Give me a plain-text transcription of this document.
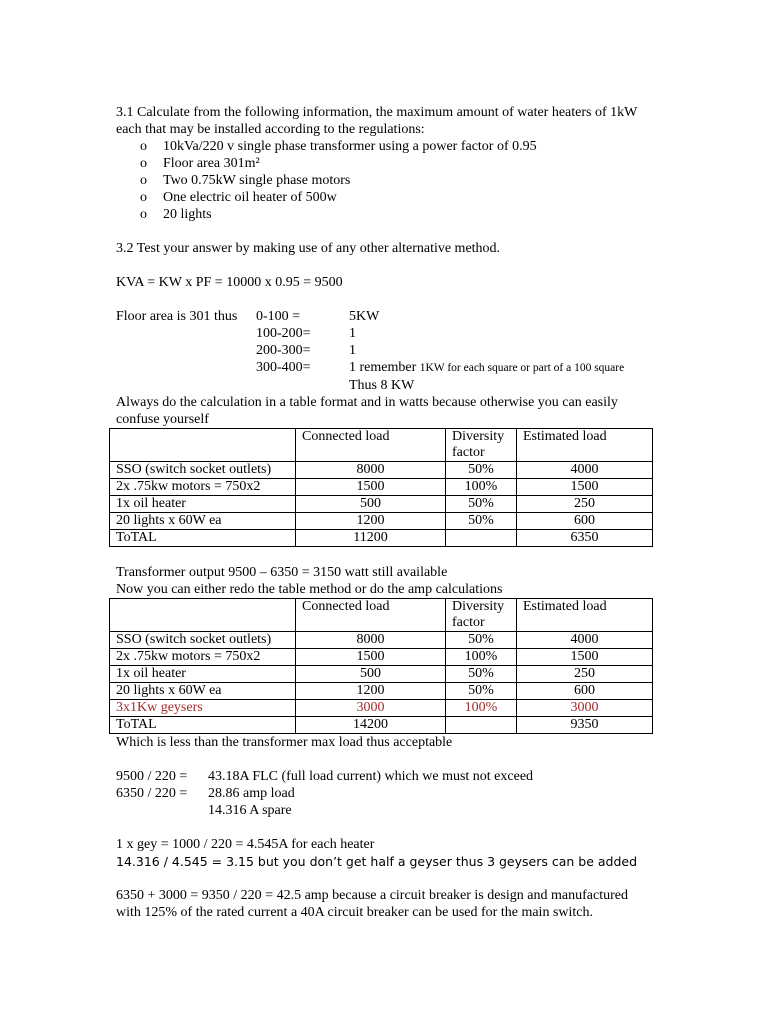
3.1 Calculate from the following information, the maximum amount of water heaters of 1kW each that may be installed according to the regulations:

o 10kVa/220 v single phase transformer using a power factor of 0.95
o Floor area 301m²
o Two 0.75kW single phase motors
o One electric oil heater of 500w
o 20 lights

3.2 Test your answer by making use of any other alternative method.

KVA = KW x PF = 10000 x 0.95 = 9500

Floor area is 301 thus	0-100 =	5KW
100-200=	1
200-300=	1
300-400=	1 remember 1KW for each square or part of a 100 square
Thus 8 KW

Always do the calculation in a table format and in watts because otherwise you can easily confuse yourself

	Connected load	Diversity factor	Estimated load
SSO (switch socket outlets)	8000	50%	4000
2x .75kw motors = 750x2	1500	100%	1500
1x oil heater	500	50%	250
20 lights x 60W ea	1200	50%	600
ToTAL	11200		6350

Transformer output 9500 – 6350 = 3150 watt still available

Now you can either redo the table method or do the amp calculations

	Connected load	Diversity factor	Estimated load
SSO (switch socket outlets)	8000	50%	4000
2x .75kw motors = 750x2	1500	100%	1500
1x oil heater	500	50%	250
20 lights x 60W ea	1200	50%	600
3x1Kw geysers	3000	100%	3000
ToTAL	14200		9350

Which is less than the transformer max load thus acceptable

9500 / 220 =	43.18A FLC (full load current) which we must not exceed
6350 / 220 =	28.86 amp load
14.316 A spare

1 x gey = 1000 / 220 = 4.545A for each heater

14.316 / 4.545 = 3.15 but you don’t get half a geyser thus 3 geysers can be added

6350 + 3000 = 9350 / 220 = 42.5 amp because a circuit breaker is design and manufactured with 125% of the rated current a 40A circuit breaker can be used for the main switch.
